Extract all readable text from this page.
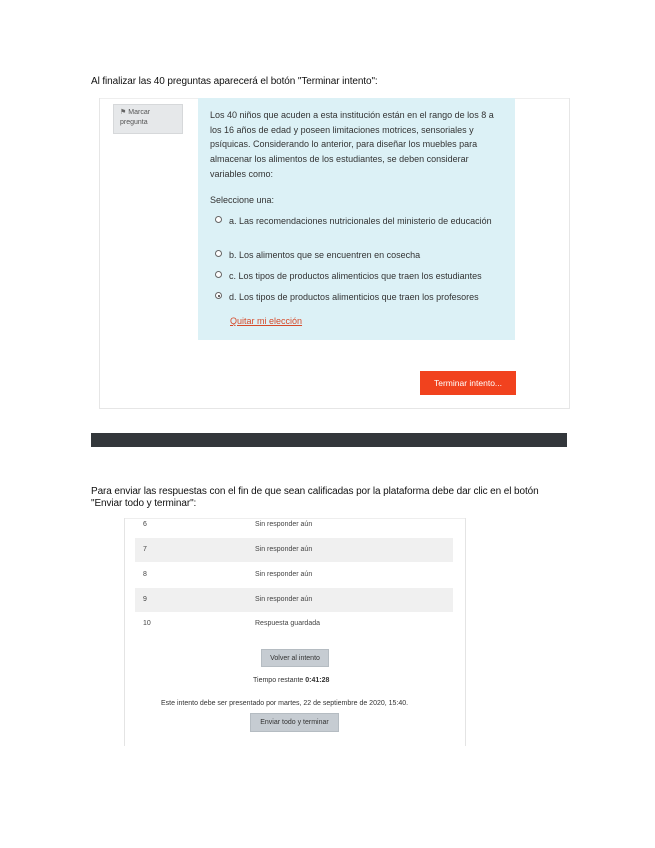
Al finalizar las 40 preguntas aparecerá el botón "Terminar intento":
⚑ Marcar
pregunta
Los 40 niños que acuden a esta institución están en el rango de los 8 a los 16 años de edad y poseen limitaciones motrices, sensoriales y psíquicas. Considerando lo anterior, para diseñar los muebles para almacenar los alimentos de los estudiantes, se deben considerar variables como:
Seleccione una:
a. Las recomendaciones nutricionales del ministerio de educación
b. Los alimentos que se encuentren en cosecha
c. Los tipos de productos alimenticios que traen los estudiantes
d. Los tipos de productos alimenticios que traen los profesores
Quitar mi elección
Terminar intento...
Para enviar las respuestas con el fin de que sean calificadas por la plataforma debe dar clic en el botón "Enviar todo y terminar":
6	Sin responder aún
7	Sin responder aún
8	Sin responder aún
9	Sin responder aún
10	Respuesta guardada
Volver al intento
Tiempo restante 0:41:28
Este intento debe ser presentado por martes, 22 de septiembre de 2020, 15:40.
Enviar todo y terminar
